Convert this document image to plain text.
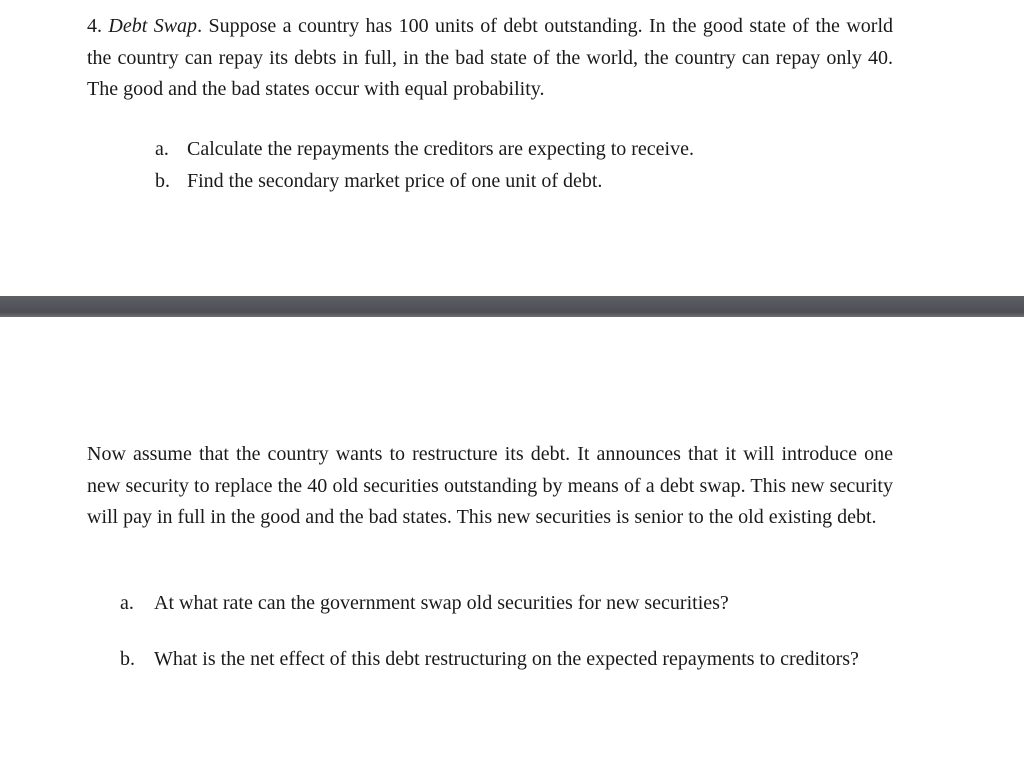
4. Debt Swap. Suppose a country has 100 units of debt outstanding. In the good state of the world the country can repay its debts in full, in the bad state of the world, the country can repay only 40. The good and the bad states occur with equal probability.

a. Calculate the repayments the creditors are expecting to receive.
b. Find the secondary market price of one unit of debt.

Now assume that the country wants to restructure its debt. It announces that it will introduce one new security to replace the 40 old securities outstanding by means of a debt swap. This new security will pay in full in the good and the bad states. This new securities is senior to the old existing debt.

a.	At what rate can the government swap old securities for new securities?
b. What is the net effect of this debt restructuring on the expected repayments to creditors?
